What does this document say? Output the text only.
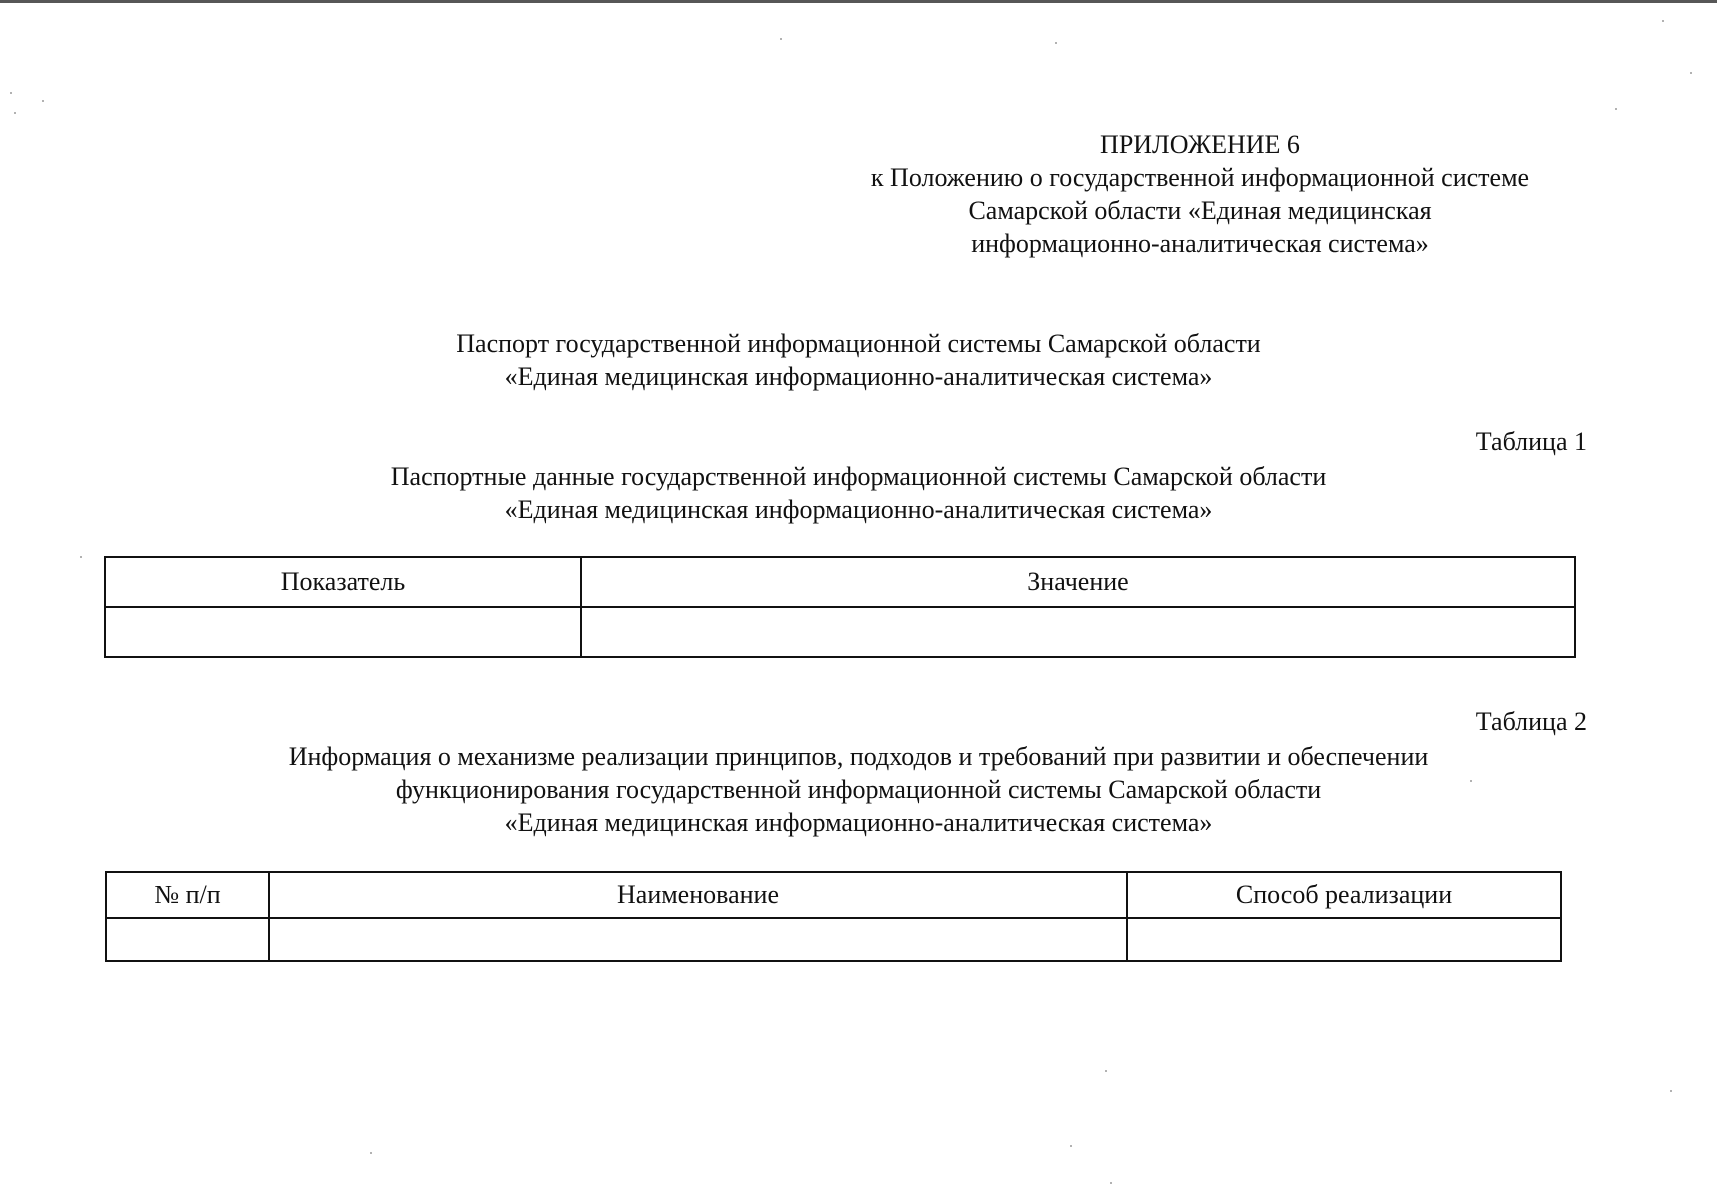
ПРИЛОЖЕНИЕ 6
к Положению о государственной информационной системе
Самарской области «Единая медицинская
информационно-аналитическая система»
Паспорт государственной информационной системы Самарской области
«Единая медицинская информационно-аналитическая система»
Таблица 1
Паспортные данные государственной информационной системы Самарской области
«Единая медицинская информационно-аналитическая система»
Показатель	Значение

Таблица 2
Информация о механизме реализации принципов, подходов и требований при развитии и обеспечении
функционирования государственной информационной системы Самарской области
«Единая медицинская информационно-аналитическая система»
№ п/п	Наименование	Способ реализации
